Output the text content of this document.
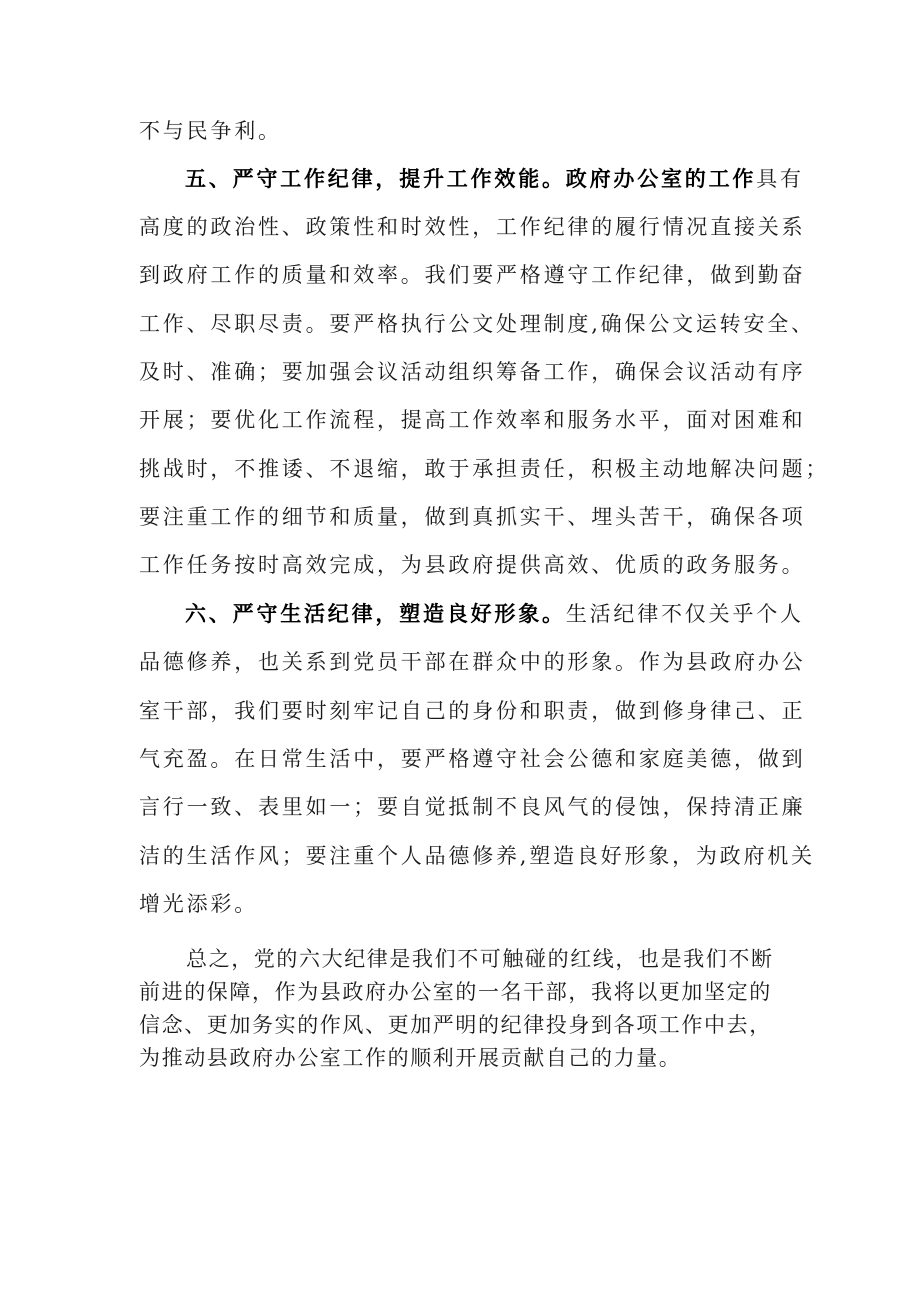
不与民争利。
五、严守工作纪律，提升工作效能。政府办公室的工作具有
高度的政治性、政策性和时效性，工作纪律的履行情况直接关系
到政府工作的质量和效率。我们要严格遵守工作纪律，做到勤奋
工作、尽职尽责。要严格执行公文处理制度,确保公文运转安全、
及时、准确；要加强会议活动组织筹备工作，确保会议活动有序
开展；要优化工作流程，提高工作效率和服务水平，面对困难和
挑战时，不推诿、不退缩，敢于承担责任，积极主动地解决问题；
要注重工作的细节和质量，做到真抓实干、埋头苦干，确保各项
工作任务按时高效完成，为县政府提供高效、优质的政务服务。
六、严守生活纪律，塑造良好形象。生活纪律不仅关乎个人
品德修养，也关系到党员干部在群众中的形象。作为县政府办公
室干部，我们要时刻牢记自己的身份和职责，做到修身律己、正
气充盈。在日常生活中，要严格遵守社会公德和家庭美德，做到
言行一致、表里如一；要自觉抵制不良风气的侵蚀，保持清正廉
洁的生活作风；要注重个人品德修养,塑造良好形象，为政府机关
增光添彩。
总之，党的六大纪律是我们不可触碰的红线，也是我们不断
前进的保障，作为县政府办公室的一名干部，我将以更加坚定的
信念、更加务实的作风、更加严明的纪律投身到各项工作中去，
为推动县政府办公室工作的顺利开展贡献自己的力量。
